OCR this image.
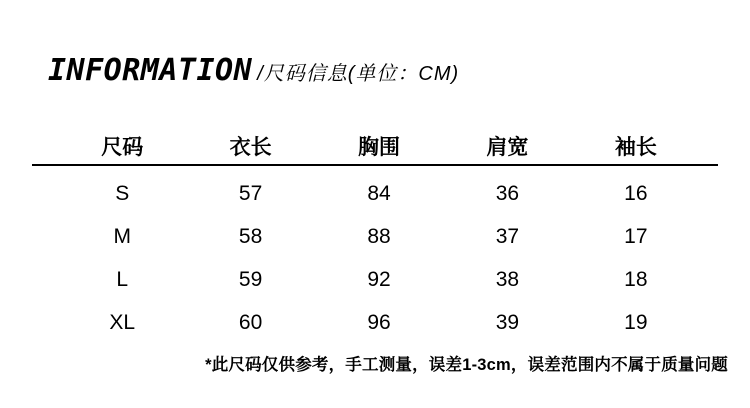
INFORMATION /尺码信息(单位：CM)
尺码	衣长	胸围	肩宽	袖长
S	57	84	36	16
M	58	88	37	17
L	59	92	38	18
XL	60	96	39	19
*此尺码仅供参考，手工测量，误差1-3cm，误差范围内不属于质量问题
